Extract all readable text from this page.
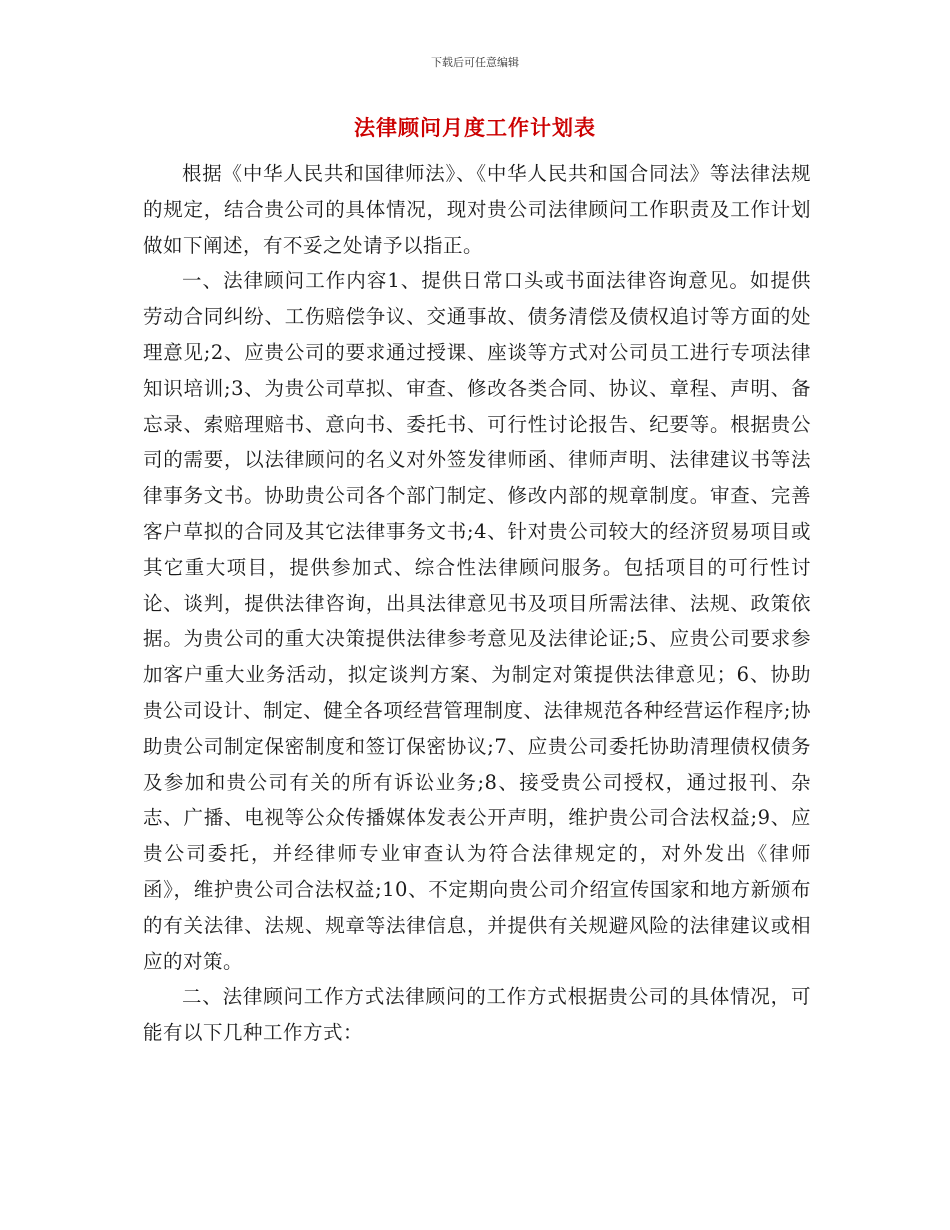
下载后可任意编辑
法律顾问月度工作计划表

根据《中华人民共和国律师法》、《中华人民共和国合同法》等法律法规的规定，结合贵公司的具体情况，现对贵公司法律顾问工作职责及工作计划做如下阐述，有不妥之处请予以指正。

一、法律顾问工作内容1、提供日常口头或书面法律咨询意见。如提供劳动合同纠纷、工伤赔偿争议、交通事故、债务清偿及债权追讨等方面的处理意见;2、应贵公司的要求通过授课、座谈等方式对公司员工进行专项法律知识培训;3、为贵公司草拟、审查、修改各类合同、协议、章程、声明、备忘录、索赔理赔书、意向书、委托书、可行性讨论报告、纪要等。根据贵公司的需要，以法律顾问的名义对外签发律师函、律师声明、法律建议书等法律事务文书。协助贵公司各个部门制定、修改内部的规章制度。审查、完善客户草拟的合同及其它法律事务文书;4、针对贵公司较大的经济贸易项目或其它重大项目，提供参加式、综合性法律顾问服务。包括项目的可行性讨论、谈判，提供法律咨询，出具法律意见书及项目所需法律、法规、政策依据。为贵公司的重大决策提供法律参考意见及法律论证;5、应贵公司要求参加客户重大业务活动，拟定谈判方案、为制定对策提供法律意见；6、协助贵公司设计、制定、健全各项经营管理制度、法律规范各种经营运作程序;协助贵公司制定保密制度和签订保密协议;7、应贵公司委托协助清理债权债务及参加和贵公司有关的所有诉讼业务;8、接受贵公司授权，通过报刊、杂志、广播、电视等公众传播媒体发表公开声明，维护贵公司合法权益;9、应贵公司委托，并经律师专业审查认为符合法律规定的，对外发出《律师函》，维护贵公司合法权益;10、不定期向贵公司介绍宣传国家和地方新颁布的有关法律、法规、规章等法律信息，并提供有关规避风险的法律建议或相应的对策。

二、法律顾问工作方式法律顾问的工作方式根据贵公司的具体情况，可能有以下几种工作方式：
